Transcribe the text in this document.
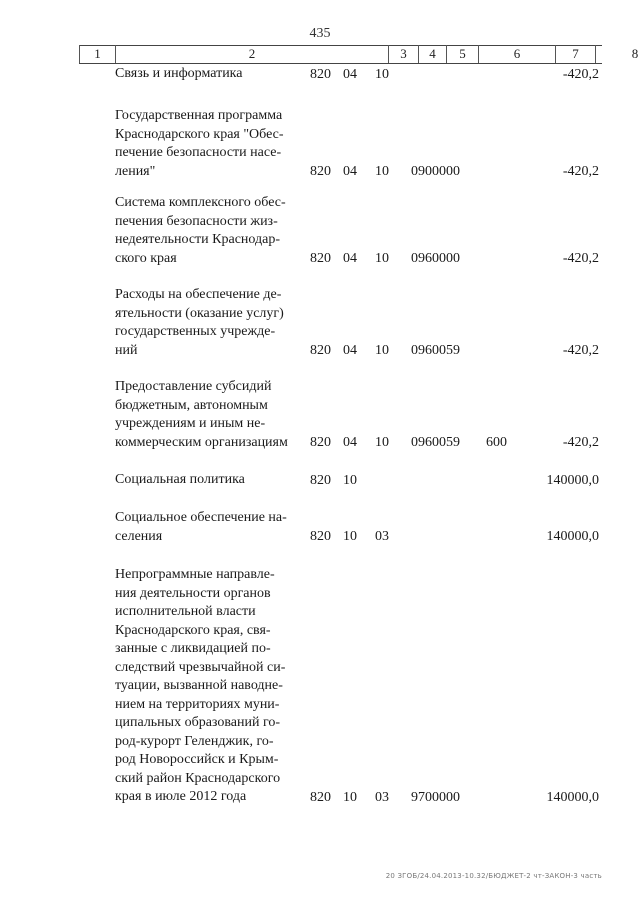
435
1	2	3	4	5	6	7	8
Связь и информатика	820 04 10	-420,2
Государственная программа
Краснодарского края "Обес-
печение безопасности насе-
ления"	820 04 10 0900000	-420,2
Система комплексного обес-
печения безопасности жиз-
недеятельности Краснодар-
ского края	820 04 10 0960000	-420,2
Расходы на обеспечение де-
ятельности (оказание услуг)
государственных учрежде-
ний	820 04 10 0960059	-420,2
Предоставление субсидий
бюджетным, автономным
учреждениям и иным не-
коммерческим организациям	820 04 10 0960059 600	-420,2
Социальная политика	820 10	140000,0
Социальное обеспечение на-
селения	820 10 03	140000,0
Непрограммные направле-
ния деятельности органов
исполнительной власти
Краснодарского края, свя-
занные с ликвидацией по-
следствий чрезвычайной си-
туации, вызванной наводне-
нием на территориях муни-
ципальных образований го-
род-курорт Геленджик, го-
род Новороссийск и Крым-
ский район Краснодарского
края в июле 2012 года	820 10 03 9700000	140000,0
20 ЗГОБ/24.04.2013-10.32/БЮДЖЕТ-2 чт-ЗАКОН-3 часть
